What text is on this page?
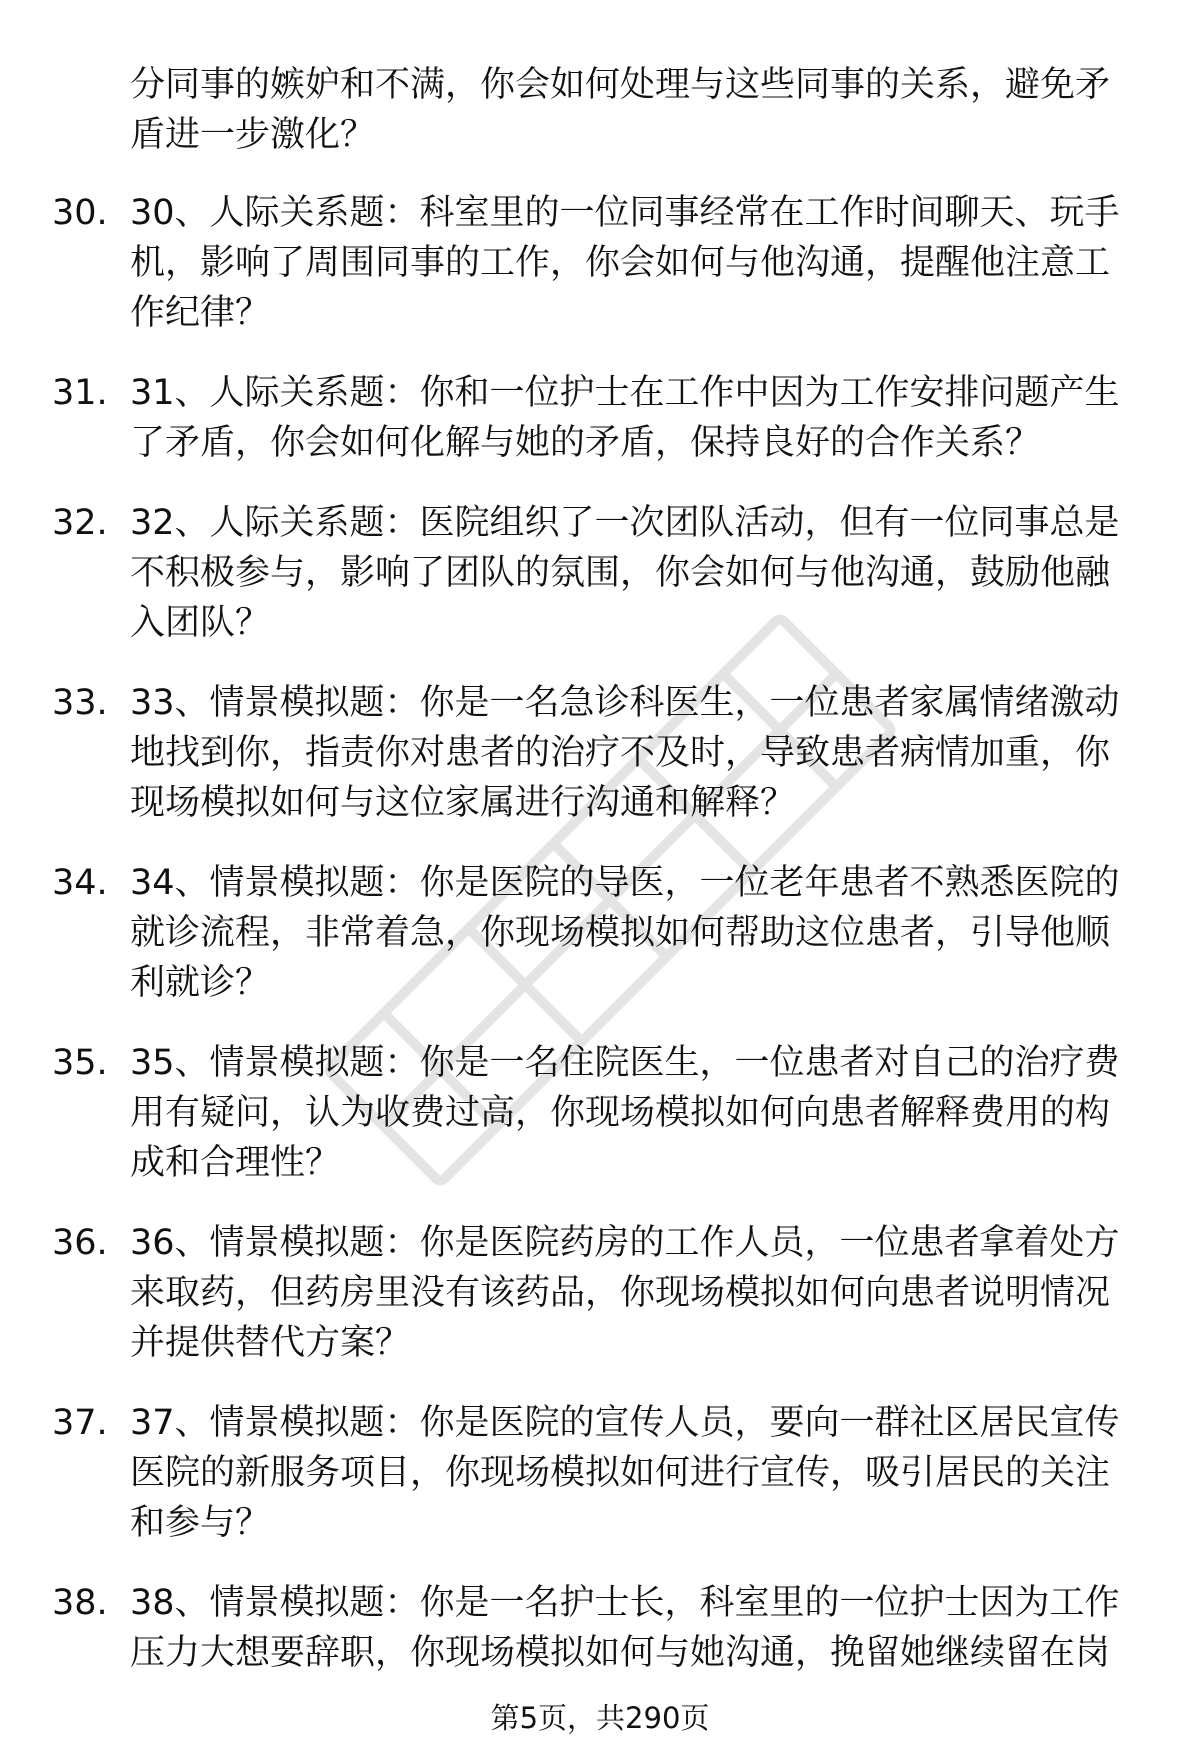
分同事的嫉妒和不满，你会如何处理与这些同事的关系，避免矛盾进一步激化？

30. 30、人际关系题：科室里的一位同事经常在工作时间聊天、玩手机，影响了周围同事的工作，你会如何与他沟通，提醒他注意工作纪律？

31. 31、人际关系题：你和一位护士在工作中因为工作安排问题产生了矛盾，你会如何化解与她的矛盾，保持良好的合作关系？

32. 32、人际关系题：医院组织了一次团队活动，但有一位同事总是不积极参与，影响了团队的氛围，你会如何与他沟通，鼓励他融入团队？

33. 33、情景模拟题：你是一名急诊科医生，一位患者家属情绪激动地找到你，指责你对患者的治疗不及时，导致患者病情加重，你现场模拟如何与这位家属进行沟通和解释？

34. 34、情景模拟题：你是医院的导医，一位老年患者不熟悉医院的就诊流程，非常着急，你现场模拟如何帮助这位患者，引导他顺利就诊？

35. 35、情景模拟题：你是一名住院医生，一位患者对自己的治疗费用有疑问，认为收费过高，你现场模拟如何向患者解释费用的构成和合理性？

36. 36、情景模拟题：你是医院药房的工作人员，一位患者拿着处方来取药，但药房里没有该药品，你现场模拟如何向患者说明情况并提供替代方案？

37. 37、情景模拟题：你是医院的宣传人员，要向一群社区居民宣传医院的新服务项目，你现场模拟如何进行宣传，吸引居民的关注和参与？

38. 38、情景模拟题：你是一名护士长，科室里的一位护士因为工作压力大想要辞职，你现场模拟如何与她沟通，挽留她继续留在岗

第5页，共290页
